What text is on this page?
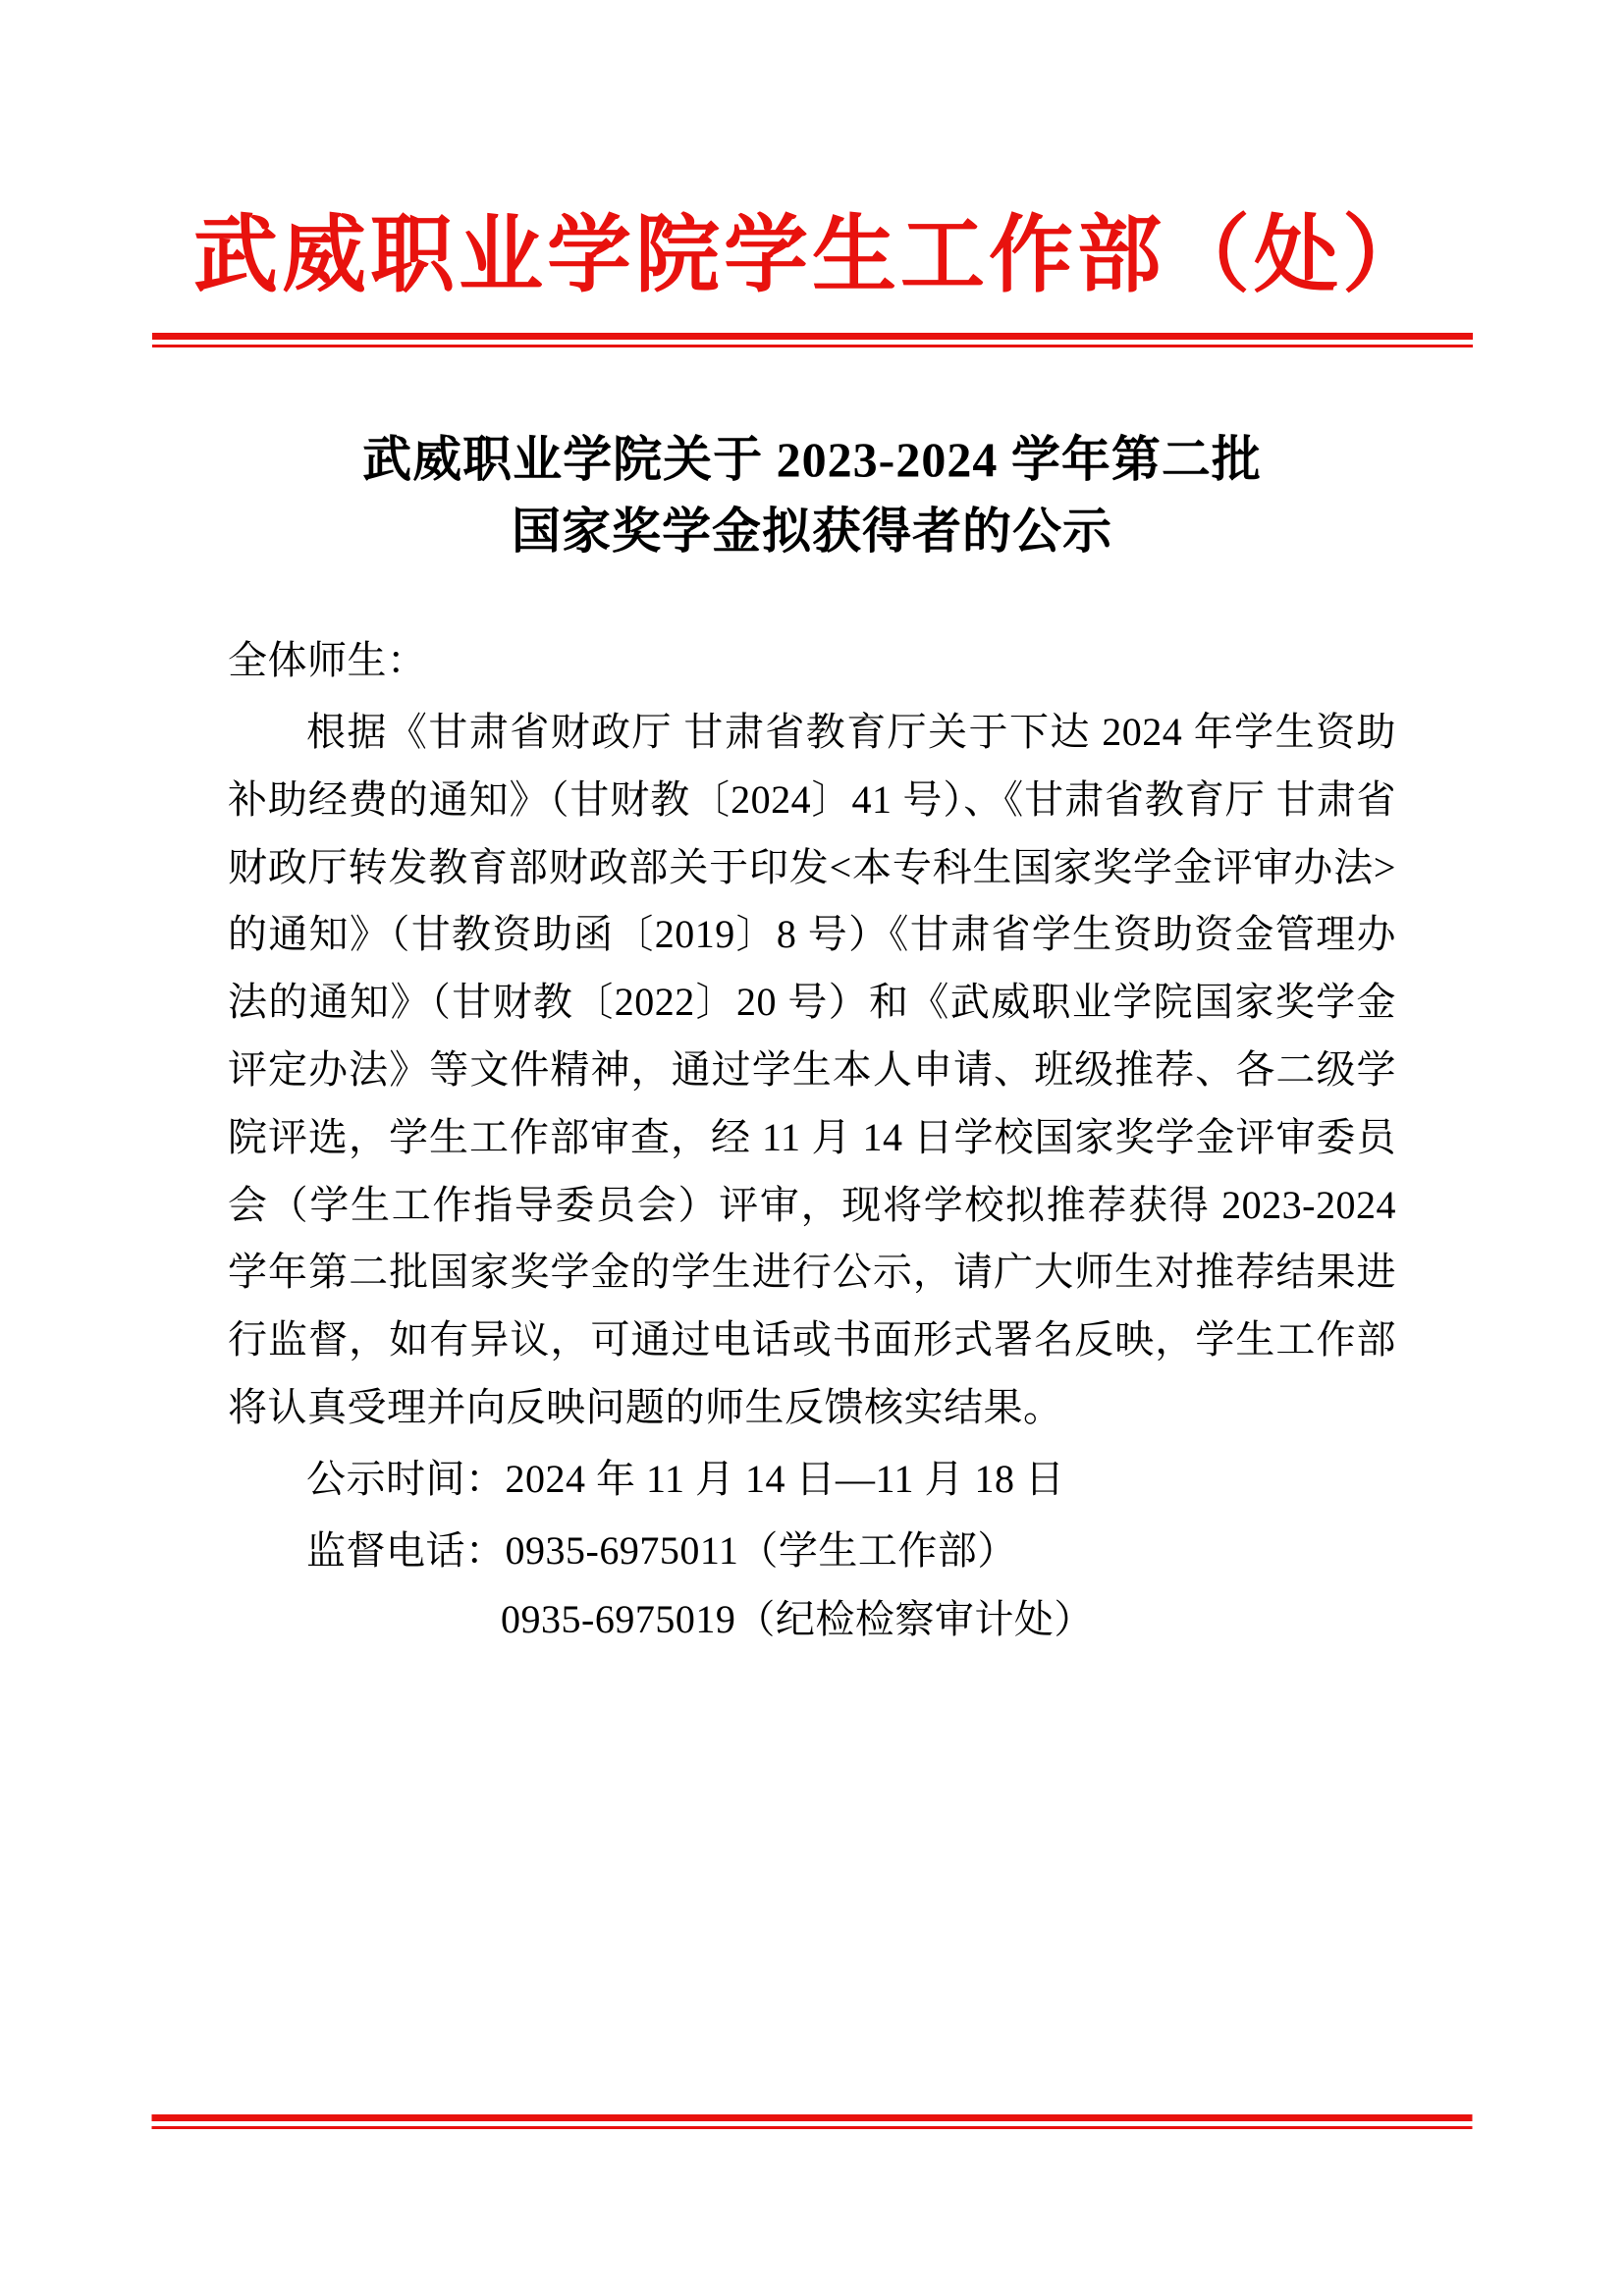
武威职业学院学生工作部（处）
武威职业学院关于 2023-2024 学年第二批
国家奖学金拟获得者的公示
全体师生：
根据《甘肃省财政厅 甘肃省教育厅关于下达 2024 年学生资助补助经费的通知》（甘财教〔2024〕41 号）、《甘肃省教育厅 甘肃省财政厅转发教育部财政部关于印发<本专科生国家奖学金评审办法>的通知》（甘教资助函〔2019〕8 号）《甘肃省学生资助资金管理办法的通知》（甘财教〔2022〕20 号）和《武威职业学院国家奖学金评定办法》等文件精神，通过学生本人申请、班级推荐、各二级学院评选，学生工作部审查，经 11 月 14 日学校国家奖学金评审委员会（学生工作指导委员会）评审，现将学校拟推荐获得 2023-2024 学年第二批国家奖学金的学生进行公示，请广大师生对推荐结果进行监督，如有异议，可通过电话或书面形式署名反映，学生工作部将认真受理并向反映问题的师生反馈核实结果。
公示时间：2024 年 11 月 14 日—11 月 18 日
监督电话：0935-6975011（学生工作部）
0935-6975019（纪检检察审计处）
